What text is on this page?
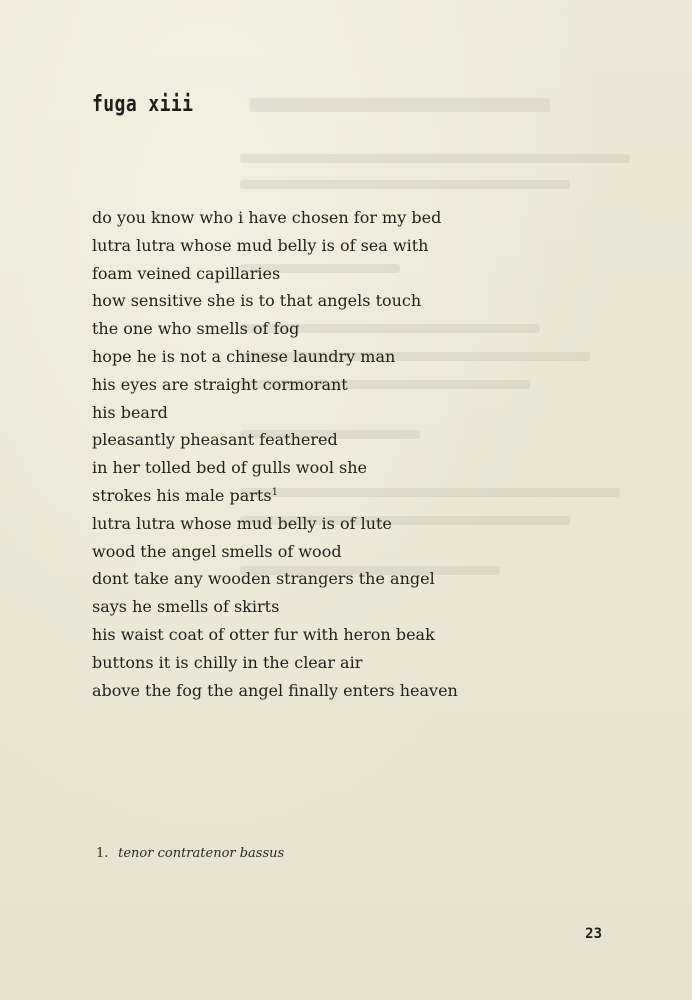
fuga xiii
do you know who i have chosen for my bed
lutra lutra whose mud belly is of sea with
foam veined capillaries
how sensitive she is to that angels touch
the one who smells of fog
hope he is not a chinese laundry man
his eyes are straight cormorant
his beard
pleasantly pheasant feathered
in her tolled bed of gulls wool she
strokes his male parts$^1$
lutra lutra whose mud belly is of lute
wood the angel smells of wood
dont take any wooden strangers the angel
says he smells of skirts
his waist coat of otter fur with heron beak
buttons it is chilly in the clear air
above the fog the angel finally enters heaven

1. tenor contratenor bassus

23
